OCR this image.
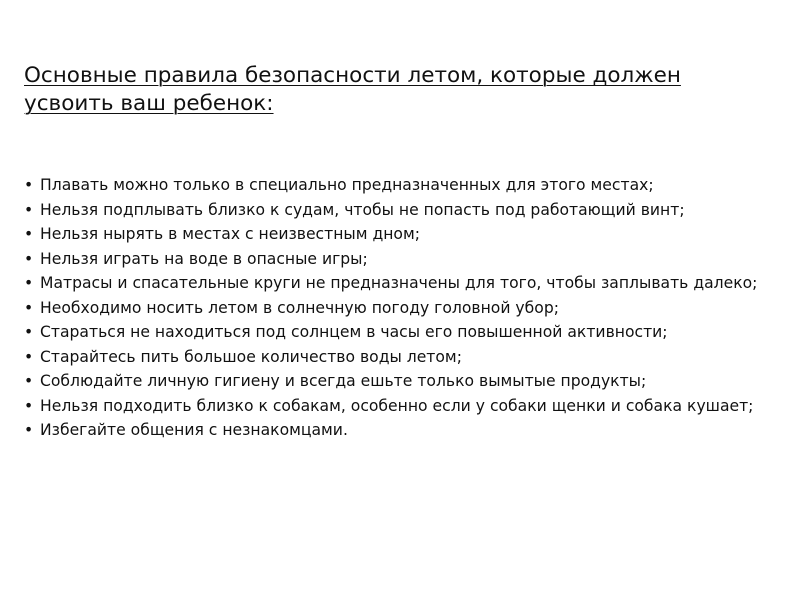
Основные правила безопасности летом, которые должен усвоить ваш ребенок:
• Плавать можно только в специально предназначенных для этого местах;
• Нельзя подплывать близко к судам, чтобы не попасть под работающий винт;
• Нельзя нырять в местах с неизвестным дном;
• Нельзя играть на воде в опасные игры;
• Матрасы и спасательные круги не предназначены для того, чтобы заплывать далеко;
• Необходимо носить летом в солнечную погоду головной убор;
• Стараться не находиться под солнцем в часы его повышенной активности;
• Старайтесь пить большое количество воды летом;
• Соблюдайте личную гигиену и всегда ешьте только вымытые продукты;
• Нельзя подходить близко к собакам, особенно если у собаки щенки и собака кушает;
• Избегайте общения с незнакомцами.
